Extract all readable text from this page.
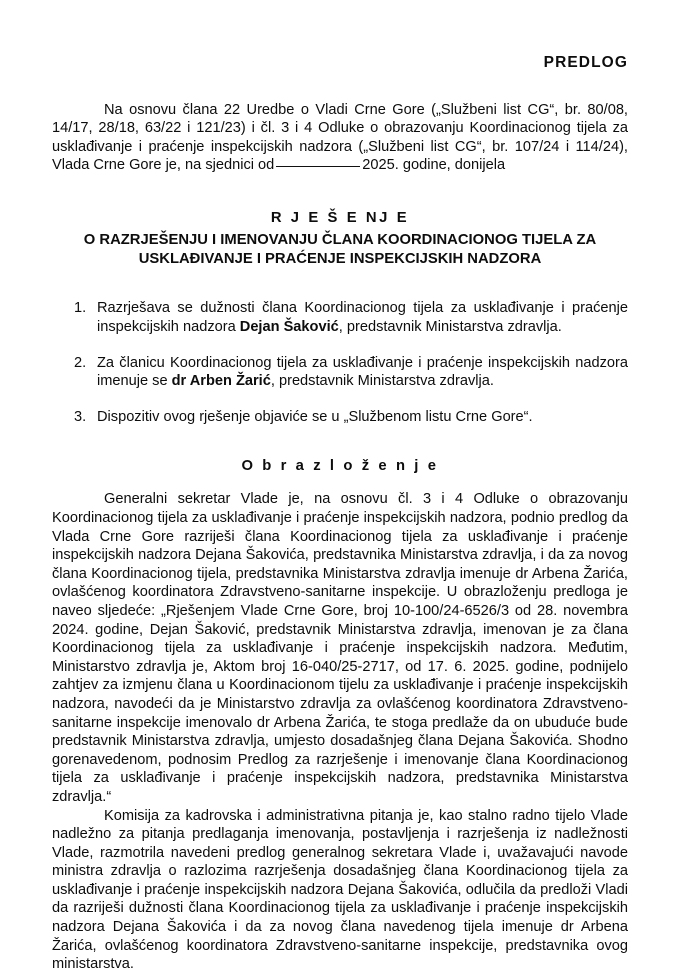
PREDLOG

Na osnovu člana 22 Uredbe o Vladi Crne Gore („Službeni list CG“, br. 80/08, 14/17, 28/18, 63/22 i 121/23) i čl. 3 i 4 Odluke o obrazovanju Koordinacionog tijela za usklađivanje i praćenje inspekcijskih nadzora („Službeni list CG“, br. 107/24 i 114/24), Vlada Crne Gore je, na sjednici od	2025. godine, donijela

R J E Š E NJ E
O RAZRJEŠENJU I IMENOVANJU ČLANA KOORDINACIONOG TIJELA ZA USKLAĐIVANJE I PRAĆENJE INSPEKCIJSKIH NADZORA
1. Razrješava se dužnosti člana Koordinacionog tijela za usklađivanje i praćenje inspekcijskih nadzora Dejan Šaković, predstavnik Ministarstva zdravlja.
2. Za članicu Koordinacionog tijela za usklađivanje i praćenje inspekcijskih nadzora imenuje se dr Arben Žarić, predstavnik Ministarstva zdravlja.
3. Dispozitiv ovog rješenje objaviće se u „Službenom listu Crne Gore“.
O b r a z l o ž e n j e

Generalni sekretar Vlade je, na osnovu čl. 3 i 4 Odluke o obrazovanju Koordinacionog tijela za usklađivanje i praćenje inspekcijskih nadzora, podnio predlog da Vlada Crne Gore razriješi člana Koordinacionog tijela za usklađivanje i praćenje inspekcijskih nadzora Dejana Šakovića, predstavnika Ministarstva zdravlja, i da za novog člana Koordinacionog tijela, predstavnika Ministarstva zdravlja imenuje dr Arbena Žarića, ovlašćenog koordinatora Zdravstveno-sanitarne inspekcije. U obrazloženju predloga je naveo sljedeće: „Rješenjem Vlade Crne Gore, broj 10-100/24-6526/3 od 28. novembra 2024. godine, Dejan Šaković, predstavnik Ministarstva zdravlja, imenovan je za člana Koordinacionog tijela za usklađivanje i praćenje inspekcijskih nadzora. Međutim, Ministarstvo zdravlja je, Aktom broj 16-040/25-2717, od 17. 6. 2025. godine, podnijelo zahtjev za izmjenu člana u Koordinacionom tijelu za usklađivanje i praćenje inspekcijskih nadzora, navodeći da je Ministarstvo zdravlja za ovlašćenog koordinatora Zdravstveno-sanitarne inspekcije imenovalo dr Arbena Žarića, te stoga predlaže da on ubuduće bude predstavnik Ministarstva zdravlja, umjesto dosadašnjeg člana Dejana Šakovića. Shodno gorenavedenom, podnosim Predlog za razrješenje i imenovanje člana Koordinacionog tijela za usklađivanje i praćenje inspekcijskih nadzora, predstavnika Ministarstva zdravlja.“

Komisija za kadrovska i administrativna pitanja je, kao stalno radno tijelo Vlade nadležno za pitanja predlaganja imenovanja, postavljenja i razrješenja iz nadležnosti Vlade, razmotrila navedeni predlog generalnog sekretara Vlade i, uvažavajući navode ministra zdravlja o razlozima razrješenja dosadašnjeg člana Koordinacionog tijela za usklađivanje i praćenje inspekcijskih nadzora Dejana Šakovića, odlučila da predloži Vladi da razriješi dužnosti člana Koordinacionog tijela za usklađivanje i praćenje inspekcijskih nadzora Dejana Šakovića i da za novog člana navedenog tijela imenuje dr Arbena Žarića, ovlašćenog koordinatora Zdravstveno-sanitarne inspekcije, predstavnika ovog ministarstva.
